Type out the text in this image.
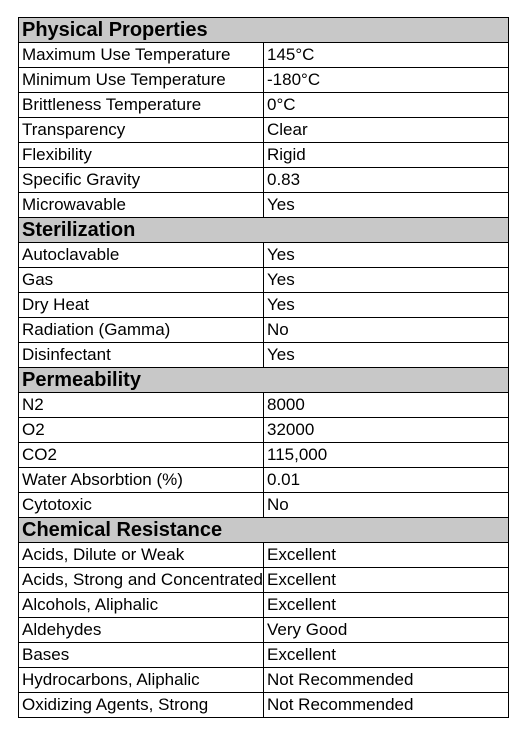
Physical Properties	
Maximum Use Temperature	145°C
Minimum Use Temperature	-180°C
Brittleness Temperature	0°C
Transparency	Clear
Flexibility	Rigid
Specific Gravity	0.83
Microwavable	Yes
Sterilization	
Autoclavable	Yes
Gas	Yes
Dry Heat	Yes
Radiation (Gamma)	No
Disinfectant	Yes
Permeability	
N2	8000
O2	32000
CO2	115,000
Water Absorbtion (%)	0.01
Cytotoxic	No
Chemical Resistance	
Acids, Dilute or Weak	Excellent
Acids, Strong and Concentrated	Excellent
Alcohols, Aliphalic	Excellent
Aldehydes	Very Good
Bases	Excellent
Hydrocarbons, Aliphalic	Not Recommended
Oxidizing Agents, Strong	Not Recommended
